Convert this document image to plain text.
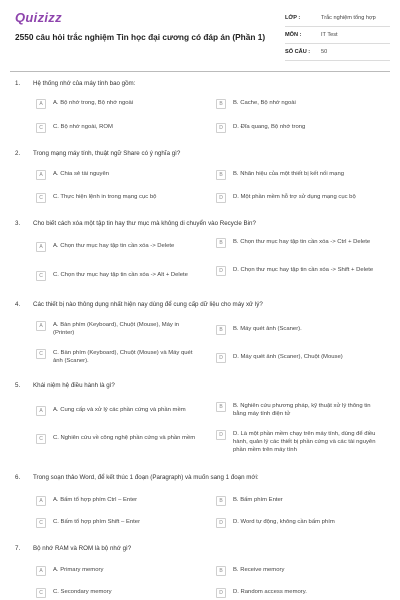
Quizizz
2550 câu hỏi trắc nghiệm Tin học đại cương có đáp án (Phần 1)
LỚP :	Trắc nghiệm tổng hợp
MÔN :	IT Test
SỐ CÂU :	50
1. Hệ thống nhớ của máy tính bao gồm:
A	A. Bộ nhớ trong, Bộ nhớ ngoài	B	B. Cache, Bộ nhớ ngoài
C	C. Bộ nhớ ngoài, ROM	D	D. Đĩa quang, Bộ nhớ trong
2. Trong mạng máy tính, thuật ngữ Share có ý nghĩa gì?
A	A. Chia sẻ tài nguyên	B	B. Nhãn hiệu của một thiết bị kết nối mạng
C	C. Thực hiện lệnh in trong mạng cục bộ	D	D. Một phần mềm hỗ trợ sử dụng mạng cục bộ
3. Cho biết cách xóa một tập tin hay thư mục mà không di chuyển vào Recycle Bin?
A	A. Chọn thư mục hay tập tin cần xóa -> Delete	B	B. Chọn thư mục hay tập tin cần xóa -> Ctrl + Delete
C	C. Chọn thư mục hay tập tin cần xóa -> Alt + Delete
D	D. Chọn thư mục hay tập tin cần xóa -> Shift + Delete
4. Các thiết bị nào thông dụng nhất hiện nay dùng để cung cấp dữ liệu cho máy xử lý?
A	A. Bàn phím (Keyboard), Chuột (Mouse), Máy in (Printer)	B	B. Máy quét ảnh (Scaner).
C	C. Bàn phím (Keyboard), Chuột (Mouse) và Máy quét ảnh (Scaner).	D	D. Máy quét ảnh (Scaner), Chuột (Mouse)
5. Khái niệm hệ điều hành là gì?
A	A. Cung cấp và xử lý các phần cứng và phần mềm	B	B. Nghiên cứu phương pháp, kỹ thuật xử lý thông tin bằng máy tính điện tử
C	C. Nghiên cứu về công nghệ phần cứng và phần mềm	D	D. Là một phần mềm chạy trên máy tính, dùng để điều hành, quản lý các thiết bị phần cứng và các tài nguyên phần mềm trên máy tính
6. Trong soạn thảo Word, để kết thúc 1 đoạn (Paragraph) và muốn sang 1 đoạn mới:
A	A. Bấm tổ hợp phím Ctrl – Enter	B	B. Bấm phím Enter
C	C. Bấm tổ hợp phím Shift – Enter	D	D. Word tự động, không cần bấm phím
7. Bộ nhớ RAM và ROM là bộ nhớ gì?
A	A. Primary memory	B	B. Receive memory
C	C. Secondary memory	D	D. Random access memory.
